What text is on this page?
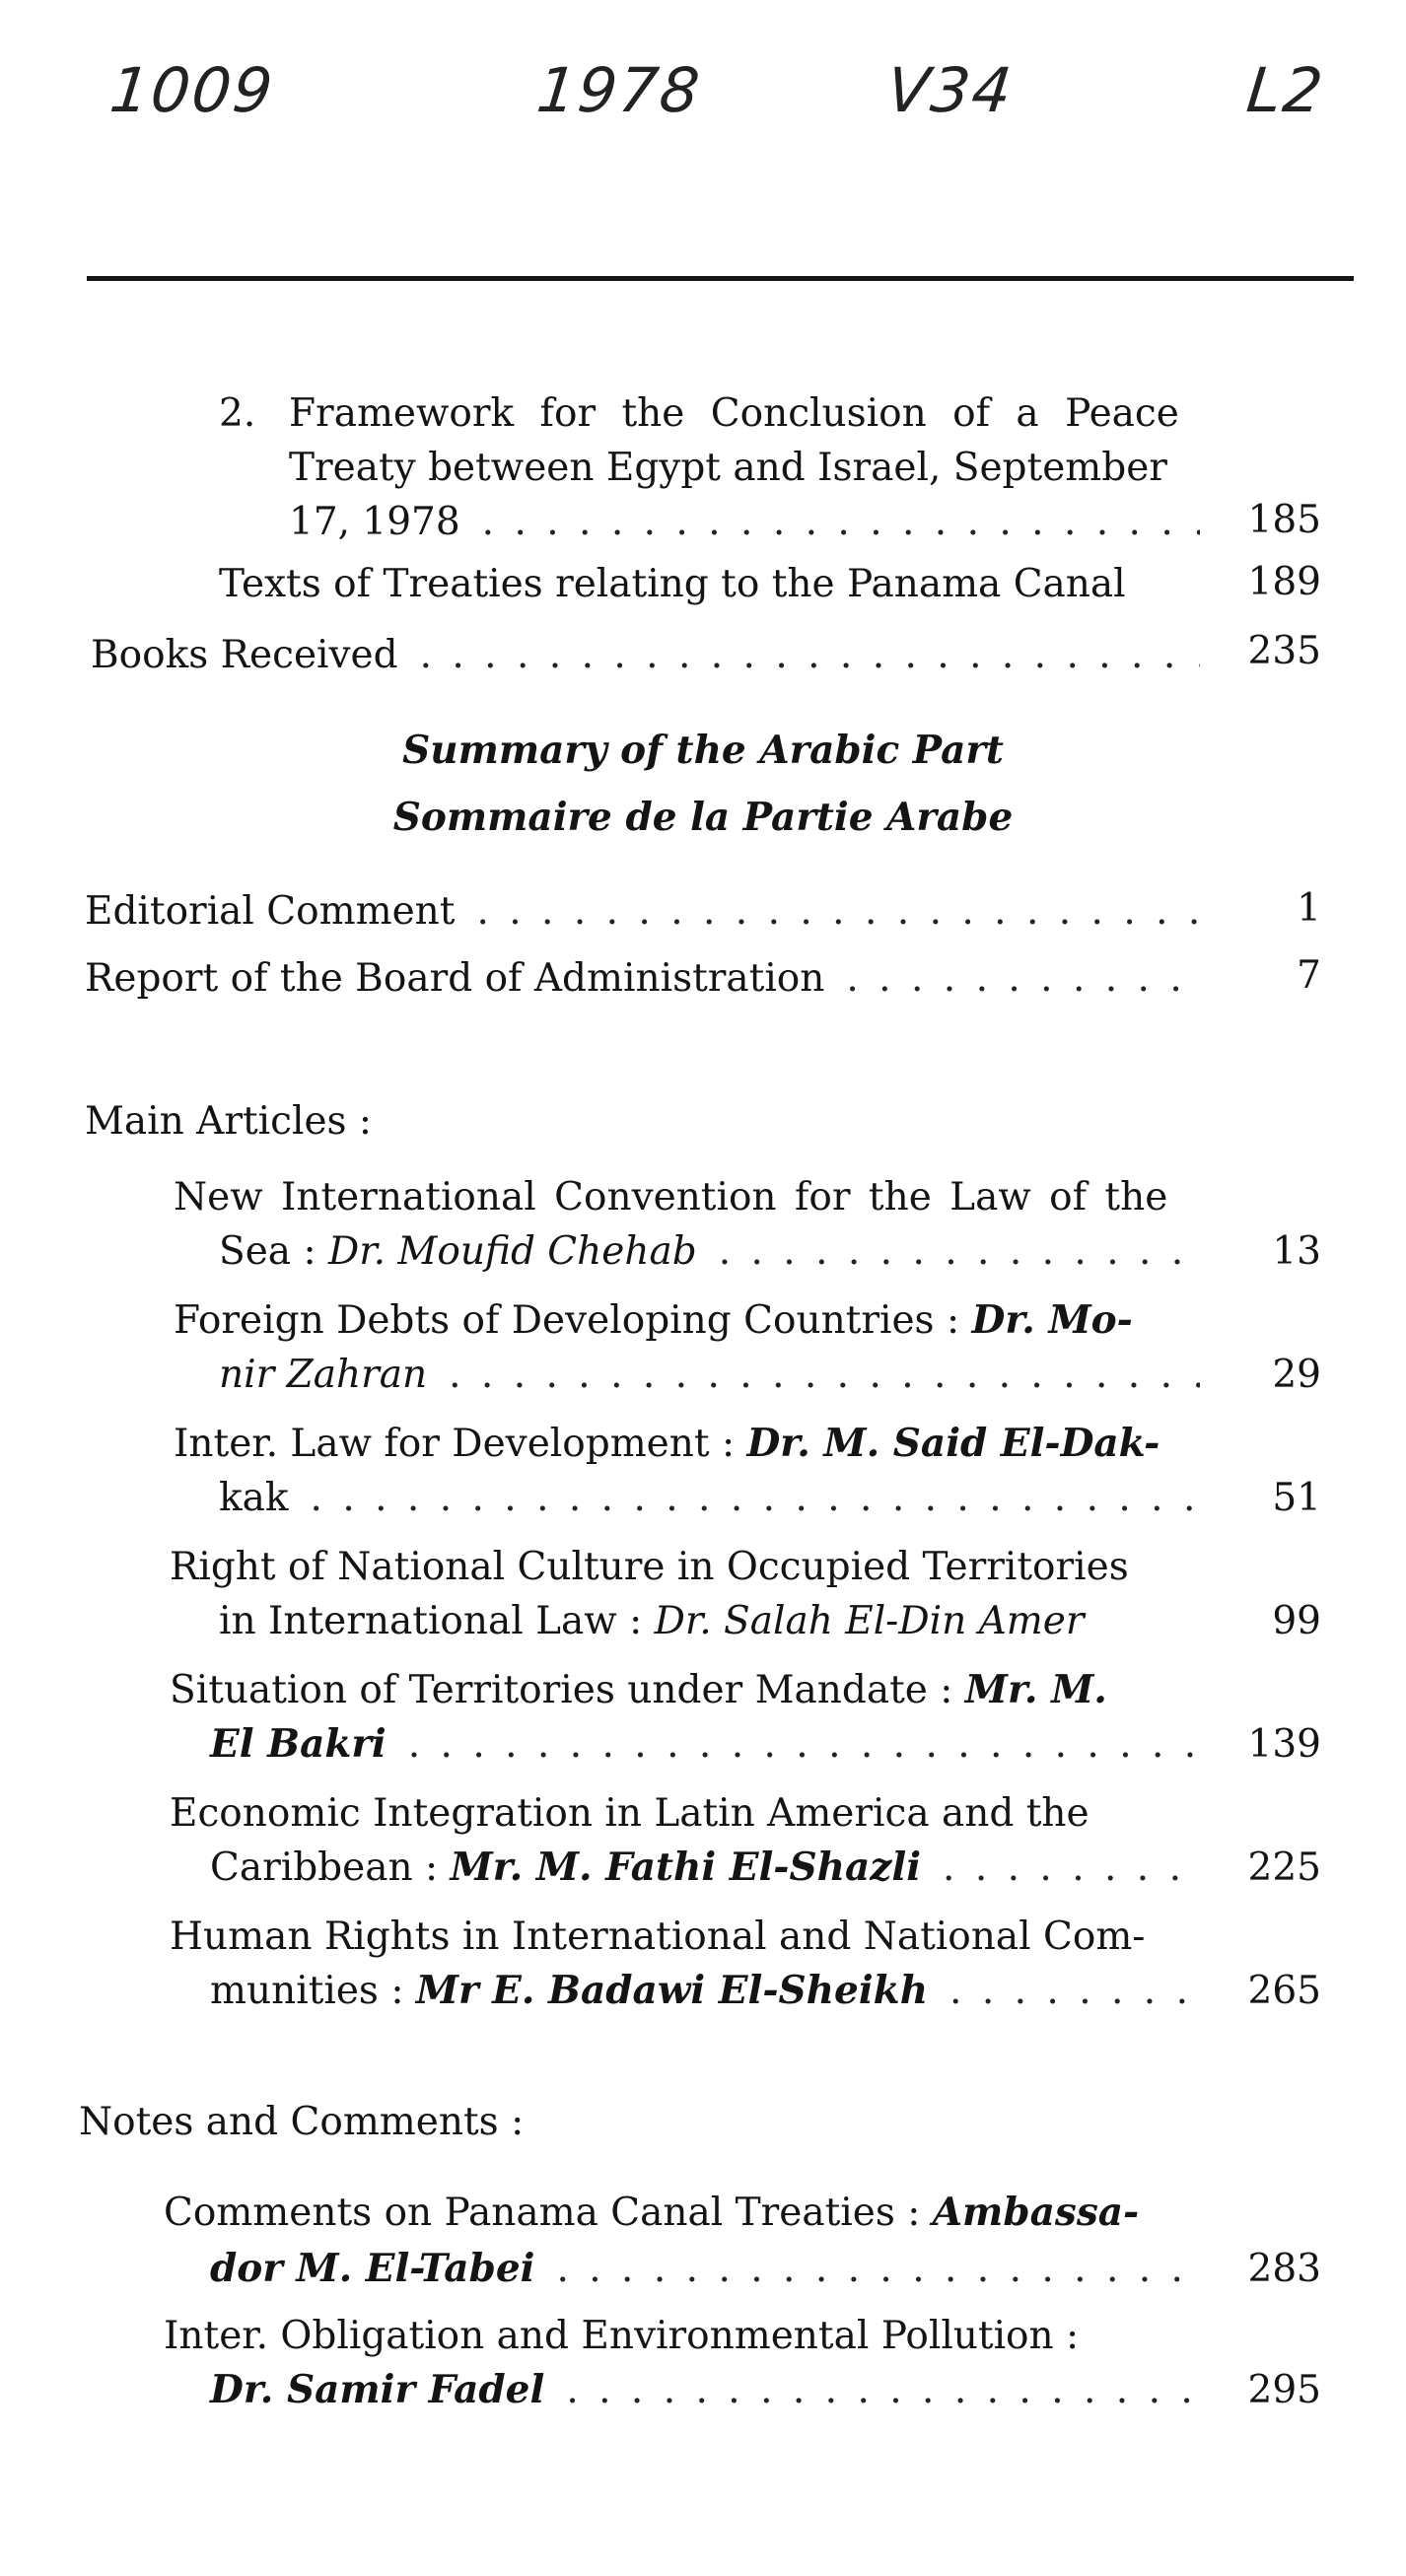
1009	1978	V34	L2
2. Framework for the Conclusion of a Peace
Treaty between Egypt and Israel, September
17, 1978 . . .	185
Texts of Treaties relating to the Panama Canal	189
Books Received . . .	235
Summary of the Arabic Part
Sommaire de la Partie Arabe
Editorial Comment . . .	1
Report of the Board of Administration . . .	7
Main Articles :
New International Convention for the Law of the
Sea : Dr. Moufid Chehab . . .	13
Foreign Debts of Developing Countries : Dr. Mo-
nir Zahran . . .	29
Inter. Law for Development : Dr. M. Said El-Dak-
kak . . .	51
Right of National Culture in Occupied Territories
in International Law : Dr. Salah El-Din Amer	99
Situation of Territories under Mandate : Mr. M.
El Bakri . . .	139
Economic Integration in Latin America and the
Caribbean : Mr. M. Fathi El-Shazli . . .	225
Human Rights in International and National Com-
munities : Mr E. Badawi El-Sheikh . . .	265
Notes and Comments :
Comments on Panama Canal Treaties : Ambassa-
dor M. El-Tabei . . .	283
Inter. Obligation and Environmental Pollution :
Dr. Samir Fadel . . .	295
